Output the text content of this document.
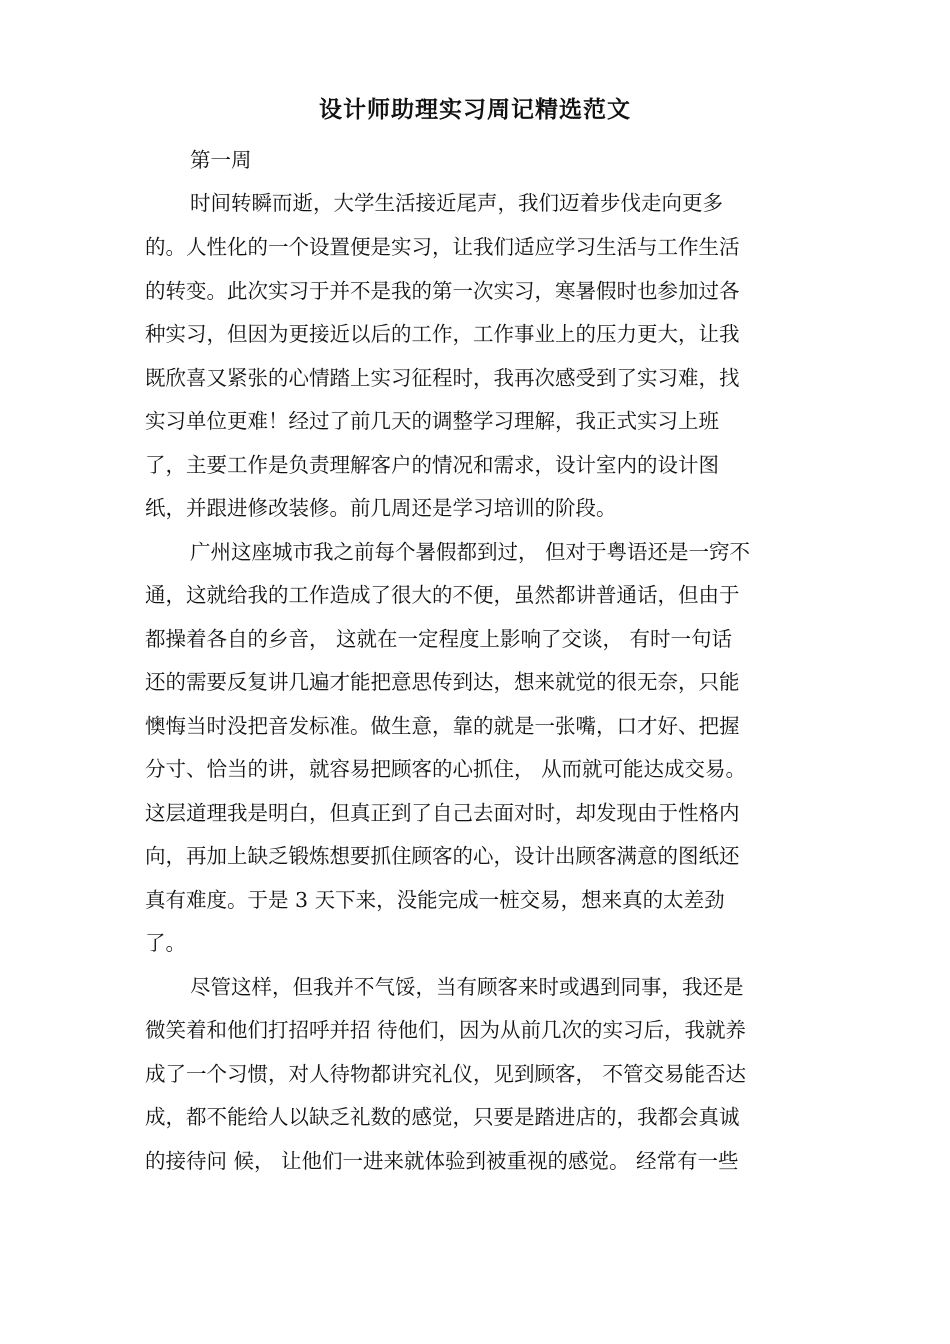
设计师助理实习周记精选范文

第一周

时间转瞬而逝，大学生活接近尾声，我们迈着步伐走向更多

的。人性化的一个设置便是实习，让我们适应学习生活与工作生活

的转变。此次实习于并不是我的第一次实习，寒暑假时也参加过各

种实习，但因为更接近以后的工作，工作事业上的压力更大，让我

既欣喜又紧张的心情踏上实习征程时，我再次感受到了实习难，找

实习单位更难！经过了前几天的调整学习理解，我正式实习上班

了，主要工作是负责理解客户的情况和需求，设计室内的设计图

纸，并跟进修改装修。前几周还是学习培训的阶段。

广州这座城市我之前每个暑假都到过， 但对于粤语还是一窍不

通，这就给我的工作造成了很大的不便，虽然都讲普通话，但由于

都操着各自的乡音， 这就在一定程度上影响了交谈， 有时一句话

还的需要反复讲几遍才能把意思传到达，想来就觉的很无奈，只能

懊悔当时没把音发标准。做生意，靠的就是一张嘴，口才好、把握

分寸、恰当的讲，就容易把顾客的心抓住， 从而就可能达成交易。

这层道理我是明白，但真正到了自己去面对时，却发现由于性格内

向，再加上缺乏锻炼想要抓住顾客的心，设计出顾客满意的图纸还

真有难度。于是 3 天下来，没能完成一桩交易，想来真的太差劲

了。

尽管这样，但我并不气馁，当有顾客来时或遇到同事，我还是

微笑着和他们打招呼并招 待他们，因为从前几次的实习后，我就养

成了一个习惯，对人待物都讲究礼仪，见到顾客， 不管交易能否达

成，都不能给人以缺乏礼数的感觉，只要是踏进店的，我都会真诚

的接待问 候， 让他们一进来就体验到被重视的感觉。 经常有一些
